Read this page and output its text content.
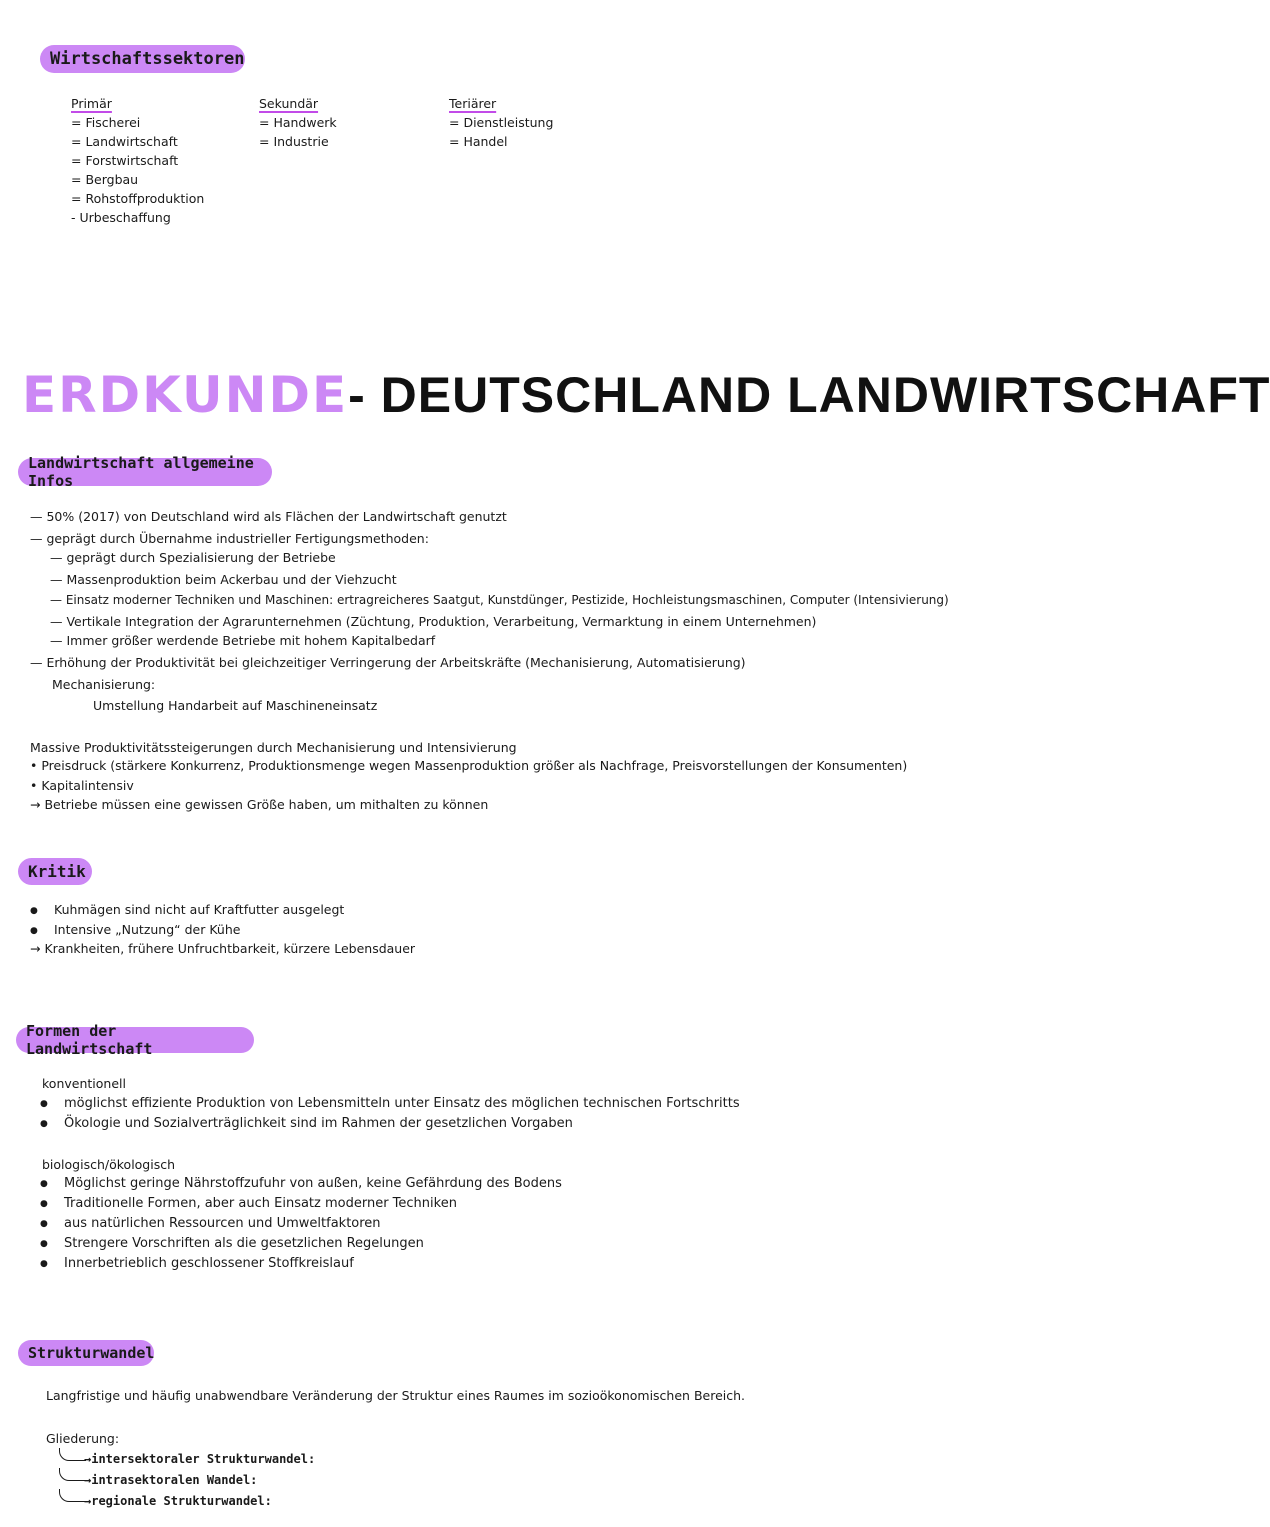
Wirtschaftssektoren
Primär
= Fischerei
= Landwirtschaft
= Forstwirtschaft
= Bergbau
= Rohstoffproduktion
- Urbeschaffung
Sekundär
= Handwerk
= Industrie
Teriärer
= Dienstleistung
= Handel
ERDKUNDE- DEUTSCHLAND LANDWIRTSCHAFT
Landwirtschaft allgemeine Infos
— 50% (2017) von Deutschland wird als Flächen der Landwirtschaft genutzt
— geprägt durch Übernahme industrieller Fertigungsmethoden:
— geprägt durch Spezialisierung der Betriebe
— Massenproduktion beim Ackerbau und der Viehzucht
— Einsatz moderner Techniken und Maschinen: ertragreicheres Saatgut, Kunstdünger, Pestizide, Hochleistungsmaschinen, Computer (Intensivierung)
— Vertikale Integration der Agrarunternehmen (Züchtung, Produktion, Verarbeitung, Vermarktung in einem Unternehmen)
— Immer größer werdende Betriebe mit hohem Kapitalbedarf
— Erhöhung der Produktivität bei gleichzeitiger Verringerung der Arbeitskräfte (Mechanisierung, Automatisierung)
Mechanisierung:
Umstellung Handarbeit auf Maschineneinsatz
Massive Produktivitätssteigerungen durch Mechanisierung und Intensivierung
• Preisdruck (stärkere Konkurrenz, Produktionsmenge wegen Massenproduktion größer als Nachfrage, Preisvorstellungen der Konsumenten)
• Kapitalintensiv
→ Betriebe müssen eine gewissen Größe haben, um mithalten zu können
Kritik
● Kuhmägen sind nicht auf Kraftfutter ausgelegt
● Intensive „Nutzung“ der Kühe
→ Krankheiten, frühere Unfruchtbarkeit, kürzere Lebensdauer
Formen der Landwirtschaft
konventionell
● möglichst effiziente Produktion von Lebensmitteln unter Einsatz des möglichen technischen Fortschritts
● Ökologie und Sozialverträglichkeit sind im Rahmen der gesetzlichen Vorgaben
biologisch/ökologisch
● Möglichst geringe Nährstoffzufuhr von außen, keine Gefährdung des Bodens
● Traditionelle Formen, aber auch Einsatz moderner Techniken
● aus natürlichen Ressourcen und Umweltfaktoren
● Strengere Vorschriften als die gesetzlichen Regelungen
● Innerbetrieblich geschlossener Stoffkreislauf
Strukturwandel
Langfristige und häufig unabwendbare Veränderung der Struktur eines Raumes im sozioökonomischen Bereich.
Gliederung:
→intersektoraler Strukturwandel:
→intrasektoralen Wandel:
→regionale Strukturwandel:
